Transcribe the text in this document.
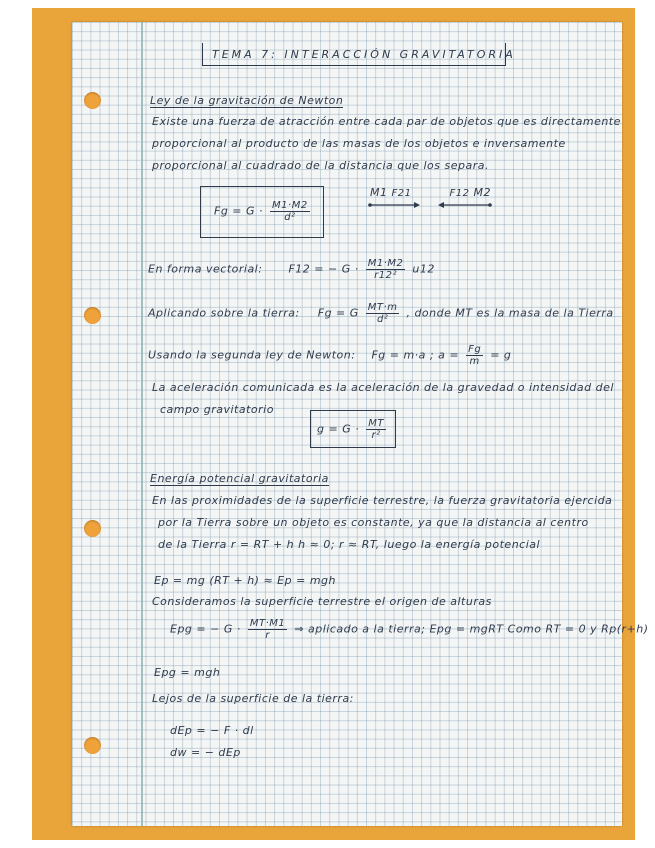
TEMA 7: INTERACCIÓN GRAVITATORIA
Ley de la gravitación de Newton
Existe una fuerza de atracción entre cada par de objetos que es directamente
proporcional al producto de las masas de los objetos e inversamente
proporcional al cuadrado de la distancia que los separa.
$Fg = G \cdot \frac{M1\cdot M2}{\text{d²}}$
M1 F21	F12 M2
En forma vectorial: F12 = − $G \cdot \frac{M1\cdot M2}{\text{r12²}} u12$
Aplicando sobre la tierra: Fg = G $\frac{MT\cdot m}{\text{d²}}$ , donde MT es la masa de la Tierra
Usando la segunda ley de Newton: Fg = m·a ; $a = \frac{Fg}{m} = g$
La aceleración comunicada es la aceleración de la gravedad o intensidad del
campo gravitatorio
$g = G \cdot \frac{MT}{\text{r²}}$
Energía potencial gravitatoria
En las proximidades de la superficie terrestre, la fuerza gravitatoria ejercida
por la Tierra sobre un objeto es constante, ya que la distancia al centro
de la Tierra r = RT + h h ≈ 0; r ≈ RT, luego la energía potencial
Ep = mg (RT + h) ≈ Ep = mgh
Consideramos la superficie terrestre el origen de alturas
Epg = − $G \cdot \frac{MT\cdot M1}{r}$ ⇒ aplicado a la tierra; Epg = mgRT Como RT = 0 y Rp(r+h)
Epg = mgh
Lejos de la superficie de la tierra:
dEp = − F · dl
dw = − dEp
